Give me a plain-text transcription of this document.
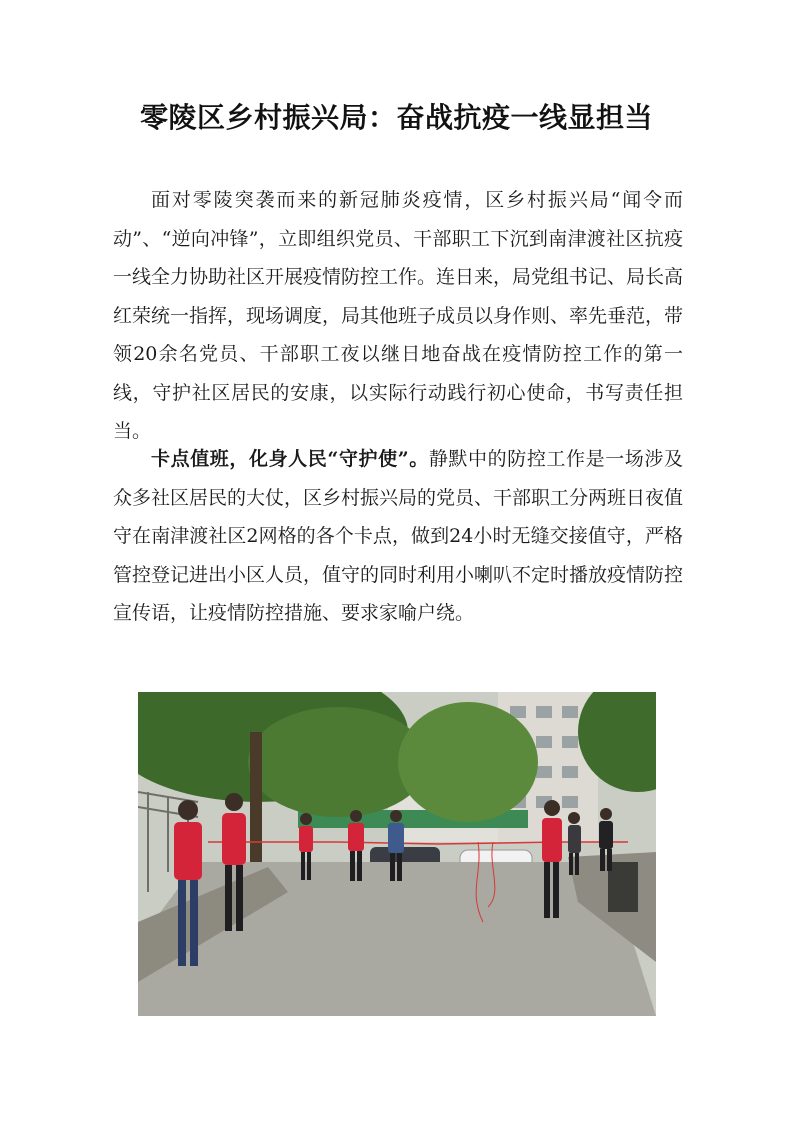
零陵区乡村振兴局：奋战抗疫一线显担当

面对零陵突袭而来的新冠肺炎疫情，区乡村振兴局“闻令而动”、“逆向冲锋”，立即组织党员、干部职工下沉到南津渡社区抗疫一线全力协助社区开展疫情防控工作。连日来，局党组书记、局长高红荣统一指挥，现场调度，局其他班子成员以身作则、率先垂范，带领20余名党员、干部职工夜以继日地奋战在疫情防控工作的第一线，守护社区居民的安康，以实际行动践行初心使命，书写责任担当。

卡点值班，化身人民“守护使”。静默中的防控工作是一场涉及众多社区居民的大仗，区乡村振兴局的党员、干部职工分两班日夜值守在南津渡社区2网格的各个卡点，做到24小时无缝交接值守，严格管控登记进出小区人员，值守的同时利用小喇叭不定时播放疫情防控宣传语，让疫情防控措施、要求家喻户绕。
